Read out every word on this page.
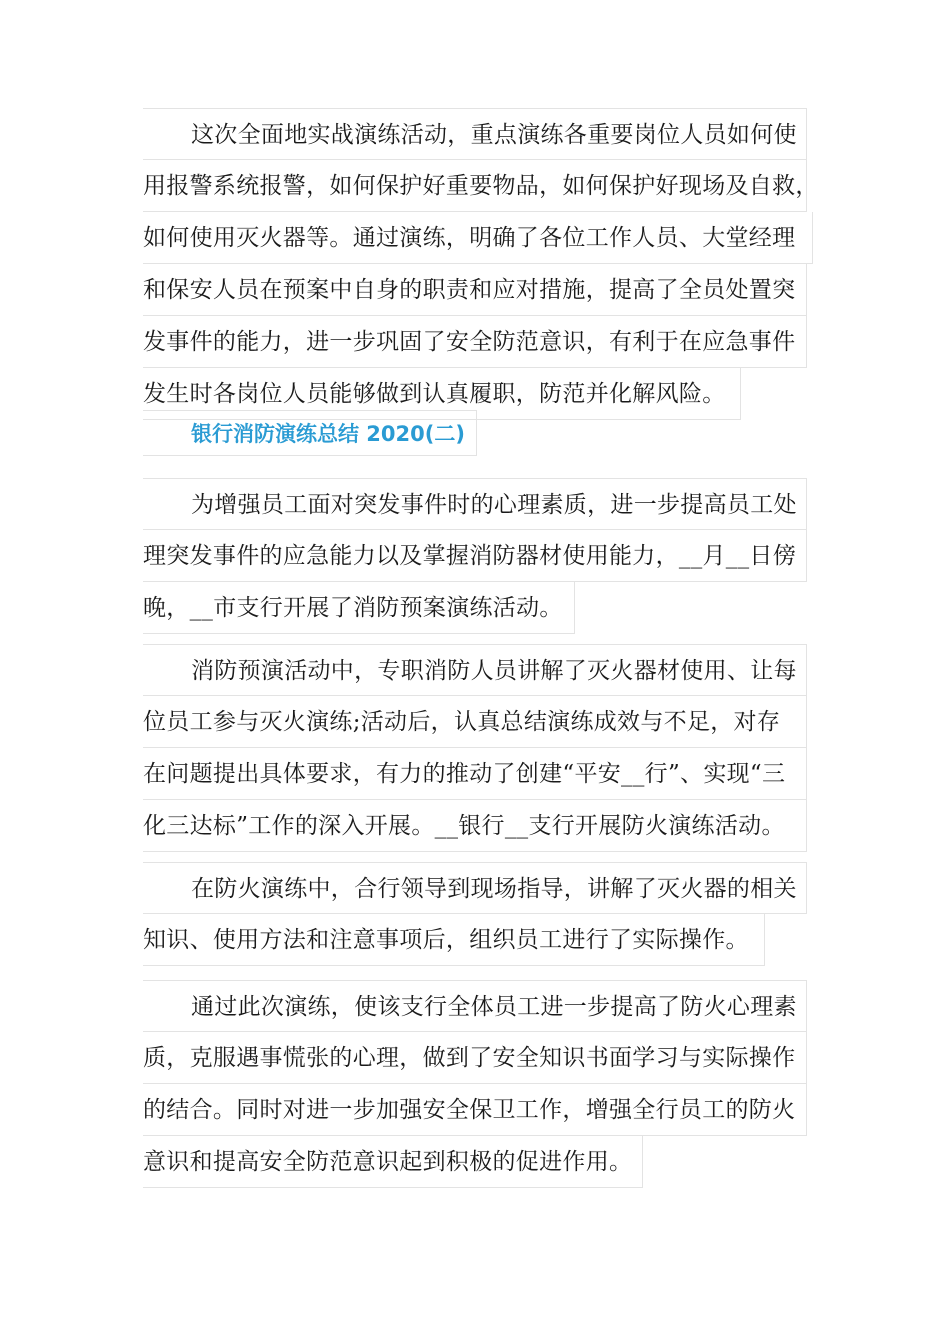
这次全面地实战演练活动，重点演练各重要岗位人员如何使
用报警系统报警，如何保护好重要物品，如何保护好现场及自救，
如何使用灭火器等。通过演练，明确了各位工作人员、大堂经理
和保安人员在预案中自身的职责和应对措施，提高了全员处置突
发事件的能力，进一步巩固了安全防范意识，有利于在应急事件
发生时各岗位人员能够做到认真履职，防范并化解风险。
银行消防演练总结 2020(二)
为增强员工面对突发事件时的心理素质，进一步提高员工处
理突发事件的应急能力以及掌握消防器材使用能力，__月__日傍
晚，__市支行开展了消防预案演练活动。
消防预演活动中，专职消防人员讲解了灭火器材使用、让每
位员工参与灭火演练;活动后，认真总结演练成效与不足，对存
在问题提出具体要求，有力的推动了创建“平安__行”、实现“三
化三达标”工作的深入开展。__银行__支行开展防火演练活动。
在防火演练中，合行领导到现场指导，讲解了灭火器的相关
知识、使用方法和注意事项后，组织员工进行了实际操作。
通过此次演练，使该支行全体员工进一步提高了防火心理素
质，克服遇事慌张的心理，做到了安全知识书面学习与实际操作
的结合。同时对进一步加强安全保卫工作，增强全行员工的防火
意识和提高安全防范意识起到积极的促进作用。
